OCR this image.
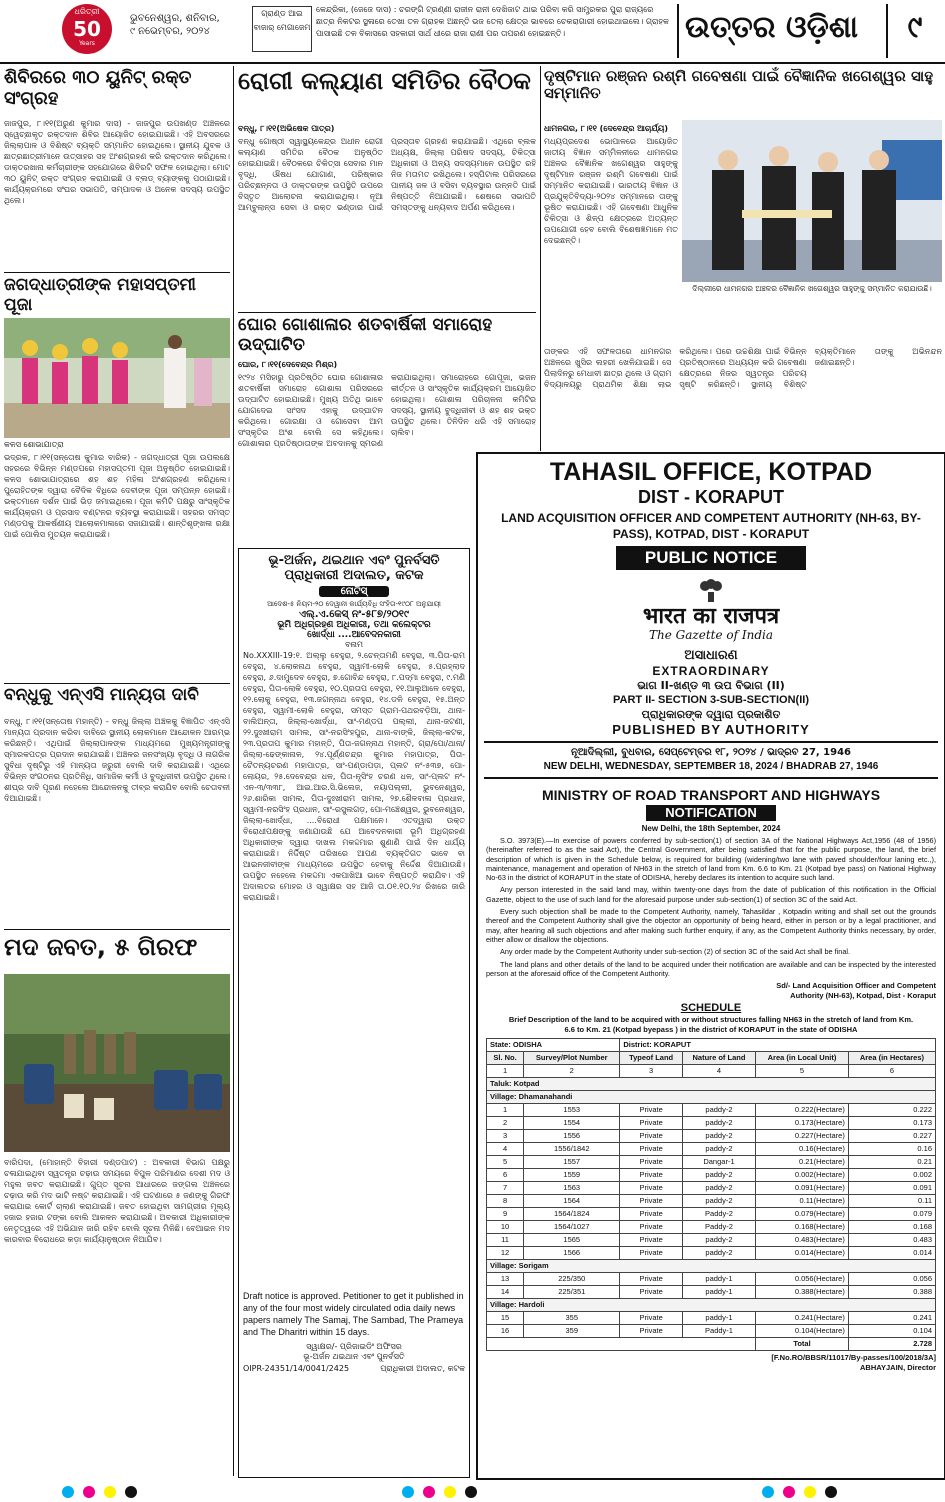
ଧରିତ୍ରୀ
50
Years
ଭୁବନେଶ୍ୱର, ଶନିବାର,
୯ ନଭେମ୍ବର, ୨୦୨୪
ଗ୍ରାଣ୍ଡ ଆଇ ବାଜାର୍ ମେଗାଜେମ
କେନ୍ଦ୍ରିକା, (ଜେଜେ ଦାସ) : ଚରଙ୍ଗି ଟ୍ରଣ୍ଣୀ ରାଜୀନ ରାନୀ ଦେଖିଜାଟ ଥାଇ ପରିବା କରି ସାମ୍ପ୍ରକର ପୁରା ରାଜ୍ୟରେ ଛାତ୍ର ନିକଟର ସ୍ଥଳାରେ ତେଖା ତଳ ଗ୍ରାହକ ଅଛନ୍ତି ଭଜ ତେଲା କ୍ଷେତ୍ର ଭାବରେ ଚେକରାଗାରୀ ହୋଇଥାଇଲେ। ଗ୍ରାହକ ପାସାଇଛି ତଳ ବିକାସରେ ସହକାରୀ ସାର୍ଥ ଧୀରେ ରାଜା ରାଣୀ ପର ତାପରଣ ହୋଇଛନ୍ତି।	ଉତ୍ତର ଓଡ଼ିଶା	୯
ଶିବିରରେ ୩୦ ୟୁନିଟ୍ ରକ୍ତ ସଂଗ୍ରହ
ଜାଜପୁର, ୮।୧୧(ଅରୁଣ କୁମାର ଦାସ) - ଜାଜପୁର ଉପଖଣ୍ଡ ଅଞ୍ଚଳରେ ସ୍ୱେଚ୍ଛାକୃତ ରକ୍ତଦାନ ଶିବିର ଆୟୋଜିତ ହୋଇଯାଇଛି। ଏହି ଅବସରରେ ଜିଲ୍ଲାପାଳ ଓ ବିଶିଷ୍ଟ ବ୍ୟକ୍ତି ସମ୍ମାନିତ ହୋଇଥିଲେ। ସ୍ଥାନୀୟ ଯୁବକ ଓ ଛାତ୍ରଛାତ୍ରୀମାନେ ଉତ୍ସାହର ସହ ଅଂଶଗ୍ରହଣ କରି ରକ୍ତଦାନ କରିଥିଲେ। ଡାକ୍ତରଖାନା କର୍ମଚାରୀଙ୍କ ସହଯୋଗରେ ଶିବିରଟି ସଫଳ ହୋଇଥିଲା। ମୋଟ ୩୦ ୟୁନିଟ୍ ରକ୍ତ ସଂଗ୍ରହ କରାଯାଇଛି ଓ ବ୍ଲଡ୍ ବ୍ୟାଙ୍କକୁ ପଠାଯାଇଛି। କାର୍ଯ୍ୟକ୍ରମରେ ସଂଘର ସଭାପତି, ସମ୍ପାଦକ ଓ ଅନେକ ସଦସ୍ୟ ଉପସ୍ଥିତ ଥିଲେ।
ଜଗଦ୍ଧାତ୍ରୀଙ୍କ ମହାସପ୍ତମୀ ପୂଜା
କଳସ ଶୋଭାଯାତ୍ରା
ଭଦ୍ରକ, ୮।୧୧(ସନ୍ତୋଷ କୁମାର ବାରିକ) - ଜଗଦ୍ଧାତ୍ରୀ ପୂଜା ଉପଲକ୍ଷେ ସହରରେ ବିଭିନ୍ନ ମଣ୍ଡପରେ ମହାସପ୍ତମୀ ପୂଜା ଅନୁଷ୍ଠିତ ହୋଇଯାଇଛି। କଳସ ଶୋଭାଯାତ୍ରାରେ ଶହ ଶହ ମହିଳା ଅଂଶଗ୍ରହଣ କରିଥିଲେ। ପୁରୋହିତଙ୍କ ଦ୍ୱାରା ବୈଦିକ ବିଧିରେ ଦେବୀଙ୍କ ପୂଜା ସମ୍ପନ୍ନ ହୋଇଛି। ଭକ୍ତମାନେ ଦର୍ଶନ ପାଇଁ ଭିଡ଼ ଜମାଇଥିଲେ। ପୂଜା କମିଟି ପକ୍ଷରୁ ସାଂସ୍କୃତିକ କାର୍ଯ୍ୟକ୍ରମ ଓ ପ୍ରସାଦ ବଣ୍ଟନର ବ୍ୟବସ୍ଥା କରାଯାଇଛି। ସହରର ସମସ୍ତ ମଣ୍ଡପକୁ ଆକର୍ଷଣୀୟ ଆଲୋକମାଳାରେ ସଜାଯାଇଛି। ଶାନ୍ତିଶୃଙ୍ଖଳା ରକ୍ଷା ପାଇଁ ପୋଲିସ ମୁତୟନ କରାଯାଇଛି।
ବନ୍ଧୁକୁ ଏନ୍ଏସି ମାନ୍ୟତା ଦାବି
ବନ୍ଧୁ, ୮।୧୧(ସନ୍ତୋଷ ମହାନ୍ତି) - ବନ୍ଧୁ ଜିଲ୍ଲା ଅଞ୍ଚଳକୁ ବିଜ୍ଞାପିତ ଏନ୍ଏସି ମାନ୍ୟତା ପ୍ରଦାନ କରିବା ଦାବିରେ ସ୍ଥାନୀୟ ଲୋକମାନେ ଆନ୍ଦୋଳନ ଆରମ୍ଭ କରିଛନ୍ତି। ଏଥିପାଇଁ ଜିଲ୍ଲାପାଳଙ୍କ ମାଧ୍ୟମରେ ମୁଖ୍ୟମନ୍ତ୍ରୀଙ୍କୁ ସ୍ମାରକପତ୍ର ପ୍ରଦାନ କରାଯାଇଛି। ଅଞ୍ଚଳର ଜନସଂଖ୍ୟା ବୃଦ୍ଧି ଓ ନାଗରିକ ସୁବିଧା ଦୃଷ୍ଟିରୁ ଏହି ମାନ୍ୟତା ଜରୁରୀ ବୋଲି ଦାବି କରାଯାଇଛି। ଏଥିରେ ବିଭିନ୍ନ ସଂଗଠନର ପ୍ରତିନିଧି, ସାମାଜିକ କର୍ମୀ ଓ ବୁଦ୍ଧିଜୀବୀ ଉପସ୍ଥିତ ଥିଲେ। ଶୀଘ୍ର ଦାବି ପୂରଣ ନହେଲେ ଆନ୍ଦୋଳନକୁ ତୀବ୍ର କରାଯିବ ବୋଲି ଚେତାବନୀ ଦିଆଯାଇଛି।
ମଦ ଜବତ, ୫ ଗିରଫ
ବାରିପଦା, (ମୋହାନ୍ତି ବିହାରୀ ଦଣ୍ଡପାଟ) : ଅବକାରୀ ବିଭାଗ ପକ୍ଷରୁ ଚଳାଯାଇଥିବା ସ୍ୱତନ୍ତ୍ର ଚଢ଼ାଉ ସମୟରେ ବିପୁଳ ପରିମାଣର ଦେଶୀ ମଦ ଓ ମହୁଲ ଜବତ କରାଯାଇଛି। ଗୁପ୍ତ ସୂଚନା ଆଧାରରେ ଜଙ୍ଗଲ ଅଞ୍ଚଳରେ ଚଢ଼ାଉ କରି ମଦ ଭାଟି ନଷ୍ଟ କରାଯାଇଛି। ଏହି ଘଟଣାରେ ୫ ଜଣଙ୍କୁ ଗିରଫ କରାଯାଇ କୋର୍ଟ ଚାଲାଣ କରାଯାଇଛି। ଜବତ ହୋଇଥିବା ସାମଗ୍ରୀର ମୂଲ୍ୟ ହଜାର ହଜାର ଟଙ୍କା ବୋଲି ଆକଳନ କରାଯାଇଛି। ଅବକାରୀ ଅଧିକାରୀଙ୍କ ନେତୃତ୍ୱରେ ଏହି ଅଭିଯାନ ଜାରି ରହିବ ବୋଲି ସୂଚନା ମିଳିଛି। ବେଆଇନ ମଦ କାରବାର ବିରୋଧରେ କଡ଼ା କାର୍ଯ୍ୟାନୁଷ୍ଠାନ ନିଆଯିବ।
ରୋଗୀ କଲ୍ୟାଣ ସମିତିର ବୈଠକ
ବନ୍ଧୁ, ୮।୧୧(ଅଭିଷେକ ପାତ୍ର)
ବନ୍ଧୁ ଗୋଷ୍ଠୀ ସ୍ୱାସ୍ଥ୍ୟକେନ୍ଦ୍ର ଅଧୀନ ରୋଗୀ କଲ୍ୟାଣ ସମିତିର ବୈଠକ ଅନୁଷ୍ଠିତ ହୋଇଯାଇଛି। ବୈଠକରେ ଚିକିତ୍ସା ସେବାର ମାନ ବୃଦ୍ଧି, ଔଷଧ ଯୋଗାଣ, ପରିଷ୍କାର ପରିଚ୍ଛନ୍ନତା ଓ ଡାକ୍ତରଙ୍କ ଉପସ୍ଥିତି ଉପରେ ବିସ୍ତୃତ ଆଲୋଚନା କରାଯାଇଥିଲା। ନୂଆ ଆମ୍ବୁଲାନ୍ସ ସେବା ଓ ରକ୍ତ ଭଣ୍ଡାର ପାଇଁ ପ୍ରସ୍ତାବ ଗ୍ରହଣ କରାଯାଇଛି। ଏଥିରେ ବ୍ଲକ ଅଧ୍ୟକ୍ଷ, ଜିଲ୍ଲା ପରିଷଦ ସଦସ୍ୟ, ଚିକିତ୍ସା ଅଧିକାରୀ ଓ ଅନ୍ୟ ସଦସ୍ୟମାନେ ଉପସ୍ଥିତ ରହି ନିଜ ମତାମତ ରଖିଥିଲେ। ହସ୍ପିଟାଲ ପରିସରରେ ପାନୀୟ ଜଳ ଓ ବସିବା ବ୍ୟବସ୍ଥାର ଉନ୍ନତି ପାଇଁ ନିଷ୍ପତ୍ତି ନିଆଯାଇଛି। ଶେଷରେ ସଭାପତି ସମସ୍ତଙ୍କୁ ଧନ୍ୟବାଦ ଅର୍ପଣ କରିଥିଲେ।
ଘୋର ଗୋଶାଳାର ଶତବାର୍ଷିକୀ ସମାରୋହ ଉଦ୍‌ଘାଟିତ
ଘୋର, ୮।୧୧(ଦେବେନ୍ଦ୍ର ମିଶ୍ର)
୧୯୨୪ ମସିହାରୁ ପ୍ରତିଷ୍ଠିତ ଘୋର ଗୋଶାଳାର ଶତବାର୍ଷିକୀ ସମାରୋହ ଗୋଶାଳା ପରିସରରେ ଉଦ୍‌ଘାଟିତ ହୋଇଯାଇଛି। ମୁଖ୍ୟ ଅତିଥି ଭାବେ ଯୋଗଦେଇ ସାଂସଦ ଏହାକୁ ଉଦ୍‌ଘାଟନ କରିଥିଲେ। ଗୋରକ୍ଷା ଓ ଗୋସେବା ଆମ ସଂସ୍କୃତିର ଅଂଶ ବୋଲି ସେ କହିଥିଲେ। ଗୋଶାଳାର ପ୍ରତିଷ୍ଠାତାଙ୍କ ଅବଦାନକୁ ସ୍ମରଣ କରାଯାଇଥିଲା। ସମାରୋହରେ ଗୋପୂଜା, ଭଜନ କୀର୍ତ୍ତନ ଓ ସାଂସ୍କୃତିକ କାର୍ଯ୍ୟକ୍ରମ ଆୟୋଜିତ ହୋଇଥିଲା। ଗୋଶାଳା ପରିଚାଳନା କମିଟିର ସଦସ୍ୟ, ସ୍ଥାନୀୟ ବୁଦ୍ଧିଜୀବୀ ଓ ଶହ ଶହ ଭକ୍ତ ଉପସ୍ଥିତ ଥିଲେ। ତିନିଦିନ ଧରି ଏହି ସମାରୋହ ଚାଲିବ।
ଭୂ-ଅର୍ଜନ, ଥଇଥାନ ଏବଂ ପୁନର୍ବସତି
ପ୍ରାଧିକାରୀ ଅଦାଲତ, କଟକ
ନୋଟିସ୍
ଆଦେଶ-୫ ନିୟମ-୨୦ ଦେୱାନୀ କାର୍ଯ୍ୟବିଧି ସଂହିତା-୧୯୦୮ ଅନୁଯାୟୀ
ଏଲ୍.ଏ.କେସ୍ ନଂ-୫୮୭/୨୦୧୯
ଭୂମି ଅଧିଗ୍ରହଣ ଅଧିକାରୀ, ତଥା କଲେକ୍ଟର
ଖୋର୍ଦ୍ଧା ....ଆବେଦନକାରୀ
ବନାମ
No.XXXIII-19:୧. ଅଲ୍ଲୁ ବେହୁରା, ୨.ଚେନ୍ତାମଣି ବେହୁରା, ୩.ପିତା-ରାମ ବେହୁରା, ୪.ଲୋକନାଥ ବେହୁରା, ସ୍ୱାମୀ-ଲୋକି ବେହୁରା, ୫.ପ୍ରହ୍ଲାଦ ବେହୁରା, ୬.ଦାମୁଦେବ ବେହୁରା, ୭.ଗୋବିନ୍ଦ ବେହୁରା, ୮.ପଦ୍ମା ବେହୁରା, ୯.ମଣି ବେହୁରା, ପିତା-ଲୋକି ବେହୁରା, ୧୦.ପ୍ରତାପ ବେହୁରା, ୧୧.ଆଲୁଆଳେ ବେହୁରା, ୧୨.ଲୋକୁ ବେହୁରା, ୧୩.ଜଗନ୍ନାଥ ବେହୁରା, ୧୪.ଡଳି ବେହୁରା, ୧୫.ଅନ୍ତ ବେହୁରା, ସ୍ୱାମୀ-ଲୋକି ବେହୁରା, ସମସ୍ତ ଗ୍ରାମ-ପଥରବଡ଼ିଆ, ଥାନା-ବାଲିଅନ୍ତା, ଜିଲ୍ଲା-ଖୋର୍ଦ୍ଧା, ସାଂ-ମଣ୍ଡପ ପଲ୍ଲୀ, ଥାନା-ଜଟଣୀ, ୨୨.ଦୁଃଖୀରାମ ସାମଲ, ସାଂ-ନରସିଂହପୁର, ଥାନା-ବାଙ୍କି, ଜିଲ୍ଲା-କଟକ, ୨୩.ପ୍ରତାପ କୁମାର ମହାନ୍ତି, ପିତା-ଜଗନ୍ନାଥ ମହାନ୍ତି, ଗ୍ରା/ପୋ/ଥାନା/ଜିଲ୍ଲା-ଢେଙ୍କାନାଳ, ୨୪.ପୂର୍ଣ୍ଣଚନ୍ଦ୍ର କୁମାର ମହାପାତ୍ର, ପିତା-ଚୈତନ୍ୟଚରଣ ମହାପାତ୍ର, ସାଂ-ପଣ୍ଡାପଡ଼ା, ପ୍ଲଟ ନଂ-୫୩୭, ପୋ-ଲୋୟର, ୨୫.ଦେବେନ୍ଦ୍ର ଧଳ, ପିତା-ନୃସିଂହ ଚରଣ ଧଳ, ସାଂ-ପ୍ଲଟ ନଂ-ଏନ-୩/୩୩୮, ଆଇ.ଆର.ସି.ଭିଲେଜ, ନୟାପଲ୍ଲୀ, ଭୁବନେଶ୍ୱର, ୨୬.ଶାରିକା ସାମଲ, ପିତା-ଦୁଃଖୀରାମ ସାମଲ, ୨୭.ଶୈଳବାଳା ପ୍ରଧାନ, ସ୍ୱାମୀ-ନରସିଂହ ପ୍ରଧାନ, ସାଂ-ରସୁଲଗଡ଼, ପୋ-ମଞ୍ଚେଶ୍ୱର, ଭୁବନେଶ୍ୱର, ଜିଲ୍ଲା-ଖୋର୍ଦ୍ଧା, ....ବିରୋଧୀ ପକ୍ଷମାନେ। ଏତଦ୍ୱାରା ଉକ୍ତ ବିରୋଧୀପକ୍ଷଙ୍କୁ ଜଣାଯାଉଛି ଯେ ଆବେଦନକାରୀ ଭୂମି ଅଧିଗ୍ରହଣ ଅଧିକାରୀଙ୍କ ଦ୍ୱାରା ଦାଖଲ ମକଦ୍ଦମାର ଶୁଣାଣି ପାଇଁ ଦିନ ଧାର୍ଯ୍ୟ କରାଯାଇଛି। ନିର୍ଦ୍ଦିଷ୍ଟ ତାରିଖରେ ଆପଣ ବ୍ୟକ୍ତିଗତ ଭାବେ ବା ଆଇନଜୀବୀଙ୍କ ମାଧ୍ୟମରେ ଉପସ୍ଥିତ ହେବାକୁ ନିର୍ଦ୍ଦେଶ ଦିଆଯାଉଛି। ଉପସ୍ଥିତ ନହେଲେ ମକଦ୍ଦମା ଏକପାଖିଆ ଭାବେ ନିଷ୍ପତ୍ତି କରାଯିବ। ଏହି ଅଦାଲତର ମୋହର ଓ ସ୍ୱାକ୍ଷର ସହ ଆଜି ତା.୦୧.୧୦.୨୪ ରିଖରେ ଜାରି କରାଯାଇଛି।
Draft notice is approved. Petitioner to get it published in any of the four most widely circulated odia daily news papers namely The Samaj, The Sambad, The Prameya and The Dharitri within 15 days.
ସ୍ୱାକ୍ଷର/- ପ୍ରିଜାଇଡିଂ ଅଫିସର
ଭୂ-ଅର୍ଜନ ଥଇଥାନ ଏବଂ ପୁନର୍ବସତି
OIPR-24351/14/0041/2425	ପ୍ରାଧିକାରୀ ଅଦାଲତ, କଟକ
ଦୃଷ୍ଟିମାନ ରଞ୍ଜନ ରଶ୍ମି ଗବେଷଣା ପାଇଁ ବୈଜ୍ଞାନିକ ଖଗେଶ୍ୱର ସାହୁ ସମ୍ମାନିତ
ଧାମନଗର, ୮।୧୧ (ଦେବେନ୍ଦ୍ର ଆଚାର୍ଯ୍ୟ)
ମଧ୍ୟପ୍ରଦେଶ ଭୋପାଳରେ ଆୟୋଜିତ ଜାତୀୟ ବିଜ୍ଞାନ ସମ୍ମିଳନୀରେ ଧାମନଗର ଅଞ୍ଚଳର ବୈଜ୍ଞାନିକ ଖଗେଶ୍ୱର ସାହୁଙ୍କୁ ଦୃଷ୍ଟିମାନ ରଞ୍ଜନ ରଶ୍ମି ଗବେଷଣା ପାଇଁ ସମ୍ମାନିତ କରାଯାଇଛି। ଭାରତୀୟ ବିଜ୍ଞାନ ଓ ପ୍ରଯୁକ୍ତିବିଦ୍ୟା-୨୦୨୪ ସମ୍ମାନରେ ତାଙ୍କୁ ଭୂଷିତ କରାଯାଇଛି। ଏହି ଗବେଷଣା ଆଧୁନିକ ଚିକିତ୍ସା ଓ ଶିଳ୍ପ କ୍ଷେତ୍ରରେ ଅତ୍ୟନ୍ତ ଉପଯୋଗୀ ହେବ ବୋଲି ବିଶେଷଜ୍ଞମାନେ ମତ ଦେଇଛନ୍ତି।
ଦିଲ୍ଲୀରେ ଧାମନଗର ଅଞ୍ଚଳର ବୈଜ୍ଞାନିକ ଖଗେଶ୍ୱର ସାହୁଙ୍କୁ ସମ୍ମାନିତ କରାଯାଉଛି।
ତାଙ୍କର ଏହି ସଫଳତାରେ ଧାମନଗର ଅଞ୍ଚଳରେ ଖୁସିର ଲହରୀ ଖେଳିଯାଇଛି। ସେ ପିଲାଦିନରୁ ମେଧାବୀ ଛାତ୍ର ଥିଲେ ଓ ଗ୍ରାମ ବିଦ୍ୟାଳୟରୁ ପ୍ରାଥମିକ ଶିକ୍ଷା ଲାଭ କରିଥିଲେ। ପରେ ଉଚ୍ଚଶିକ୍ଷା ପାଇଁ ବିଭିନ୍ନ ପ୍ରତିଷ୍ଠାନରେ ଅଧ୍ୟୟନ କରି ଗବେଷଣା କ୍ଷେତ୍ରରେ ନିଜର ସ୍ୱତନ୍ତ୍ର ପରିଚୟ ସୃଷ୍ଟି କରିଛନ୍ତି। ସ୍ଥାନୀୟ ବିଶିଷ୍ଟ ବ୍ୟକ୍ତିମାନେ ତାଙ୍କୁ ଅଭିନନ୍ଦନ ଜଣାଇଛନ୍ତି।
TAHASIL OFFICE, KOTPAD
DIST - KORAPUT
LAND ACQUISITION OFFICER AND COMPETENT AUTHORITY (NH-63, BY-PASS), KOTPAD, DIST - KORAPUT
PUBLIC NOTICE
भारत का राजपत्र
The Gazette of India
ଅସାଧାରଣ
EXTRAORDINARY
ଭାଗ II-ଖଣ୍ଡ ୩ ଉପ ବିଭାଗ (II)
PART II- SECTION 3-SUB-SECTION(II)
ପ୍ରାଧିକାରଙ୍କ ଦ୍ୱାରା ପ୍ରକାଶିତ
PUBLISHED BY AUTHORITY
ନୂଆଦିଲ୍ଲୀ, ବୁଧବାର, ସେପ୍ଟେମ୍ବର ୧୮, ୨୦୨୪ / ଭାଦ୍ରବ 27, 1946
NEW DELHI, WEDNESDAY, SEPTEMBER 18, 2024 / BHADRAB 27, 1946
MINISTRY OF ROAD TRANSPORT AND HIGHWAYS
NOTIFICATION
New Delhi, the 18th September, 2024

S.O. 3973(E).—In exercise of powers conferred by sub-section(1) of section 3A of the National Highways Act,1956 (48 of 1956) (hereinafter referred to as the said Act), the Central Government, after being satisfied that for the public purpose, the land, the brief description of which is given in the Schedule below, is required for building (widening/two lane with paved shoulder/four laning etc.,), maintenance, management and operation of NH63 in the stretch of land from Km. 6.6 to Km. 21 (Kotpad bye pass) on National Highway No-63 in the district of KORAPUT in the state of ODISHA, hereby declares its intention to acquire such land.

Any person interested in the said land may, within twenty-one days from the date of publication of this notification in the Official Gazette, object to the use of such land for the aforesaid purpose under sub-section(1) of section 3C of the said Act.

Every such objection shall be made to the Competent Authority, namely, Tahasildar , Kotpadin writing and shall set out the grounds thereof and the Competent Authority shall give the objector an opportunity of being heard, either in person or by a legal practitioner, and may, after hearing all such objections and after making such further enquiry, if any, as the Competent Authority thinks necessary, by order, either allow or disallow the objections.

Any order made by the Competent Authority under sub-section (2) of section 3C of the said Act shall be final.

The land plans and other details of the land to be acquired under their notification are available and can be inspected by the interested person at the aforesaid office of the Competent Authority.

Sd/- Land Acquisition Officer and Competent
Authority (NH-63), Kotpad, Dist - Koraput
SCHEDULE
Brief Description of the land to be acquired with or without structures falling NH63 in the stretch of land from Km. 6.6 to Km. 21 (Kotpad byepass ) in the district of KORAPUT in the state of ODISHA
State: ODISHA		District: KORAPUT			
Sl. No.	Survey/Plot Number	Typeof Land	Nature of Land	Area (in Local Unit)	Area (in Hectares)
1	2	3	4	5	6
Taluk: Kotpad					
Village: Dhamanahandi					
1	1553	Private	paddy-2	0.222(Hectare)	0.222
2	1554	Private	paddy-2	0.173(Hectare)	0.173
3	1556	Private	paddy-2	0.227(Hectare)	0.227
4	1556/1842	Private	paddy-2	0.16(Hectare)	0.16
5	1557	Private	Dangar-1	0.21(Hectare)	0.21
6	1559	Private	paddy-2	0.002(Hectare)	0.002
7	1563	Private	paddy-2	0.091(Hectare)	0.091
8	1564	Private	paddy-2	0.11(Hectare)	0.11
9	1564/1824	Private	Paddy-2	0.079(Hectare)	0.079
10	1564/1027	Private	Paddy-2	0.168(Hectare)	0.168
11	1565	Private	paddy-2	0.483(Hectare)	0.483
12	1566	Private	paddy-2	0.014(Hectare)	0.014
Village: Sorigam					
13	225/350	Private	paddy-1	0.056(Hectare)	0.056
14	225/351	Private	paddy-1	0.388(Hectare)	0.388
Village: Hardoli					
15	355	Private	paddy-1	0.241(Hectare)	0.241
16	359	Private	Paddy-1	0.104(Hectare)	0.104
				Total	2.728
[F.No.RO/BBSR/11017/By-passes/100/2018/3A]
ABHAYJAIN, Director
